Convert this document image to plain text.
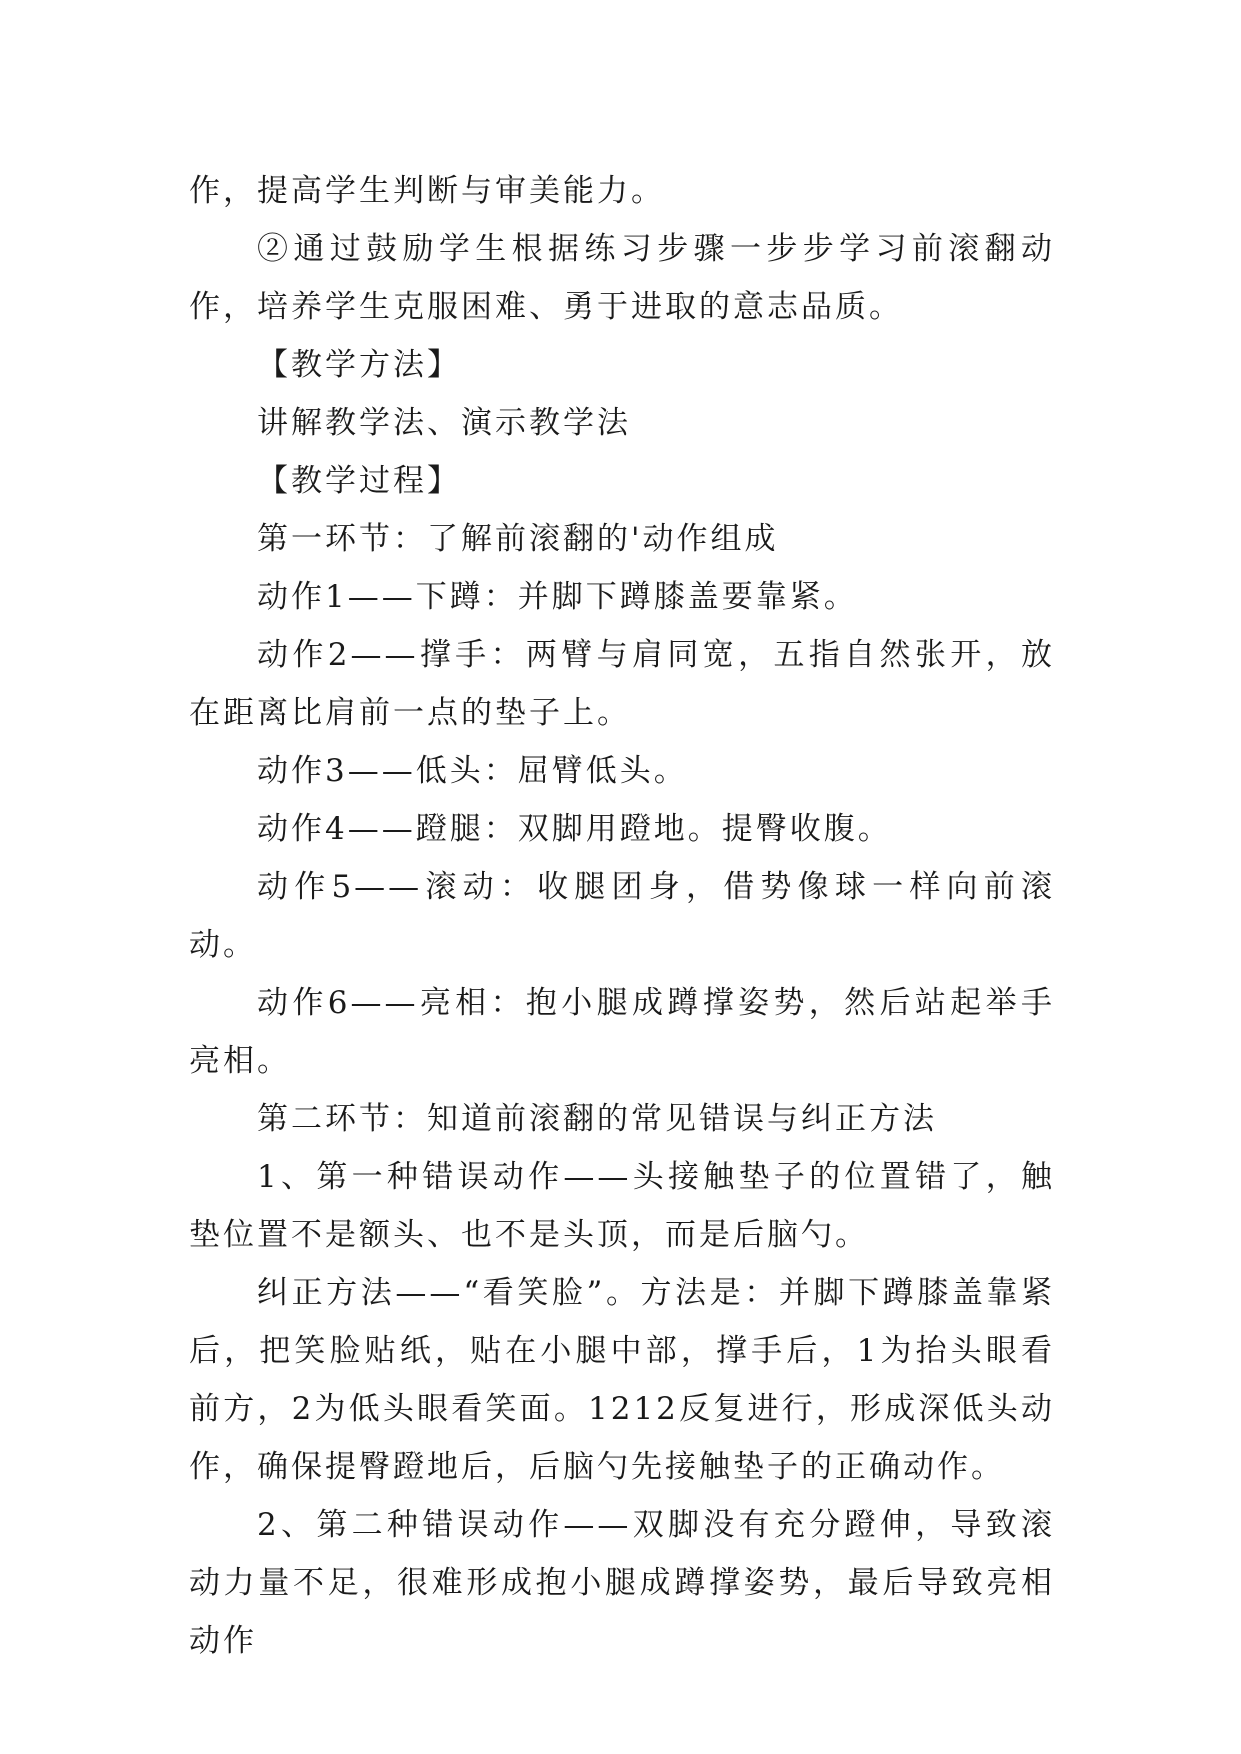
作，提高学生判断与审美能力。

②通过鼓励学生根据练习步骤一步步学习前滚翻动作，培养学生克服困难、勇于进取的意志品质。

【教学方法】

讲解教学法、演示教学法

【教学过程】

第一环节：了解前滚翻的'动作组成

动作1——下蹲：并脚下蹲膝盖要靠紧。

动作2——撑手：两臂与肩同宽，五指自然张开，放在距离比肩前一点的垫子上。

动作3——低头：屈臂低头。

动作4——蹬腿：双脚用蹬地。提臀收腹。

动作5——滚动：收腿团身，借势像球一样向前滚动。

动作6——亮相：抱小腿成蹲撑姿势，然后站起举手亮相。

第二环节：知道前滚翻的常见错误与纠正方法

1、第一种错误动作——头接触垫子的位置错了，触垫位置不是额头、也不是头顶，而是后脑勺。

纠正方法——“看笑脸”。方法是：并脚下蹲膝盖靠紧后，把笑脸贴纸，贴在小腿中部，撑手后，1为抬头眼看前方，2为低头眼看笑面。1212反复进行，形成深低头动作，确保提臀蹬地后，后脑勺先接触垫子的正确动作。

2、第二种错误动作——双脚没有充分蹬伸，导致滚动力量不足，很难形成抱小腿成蹲撑姿势，最后导致亮相动作
